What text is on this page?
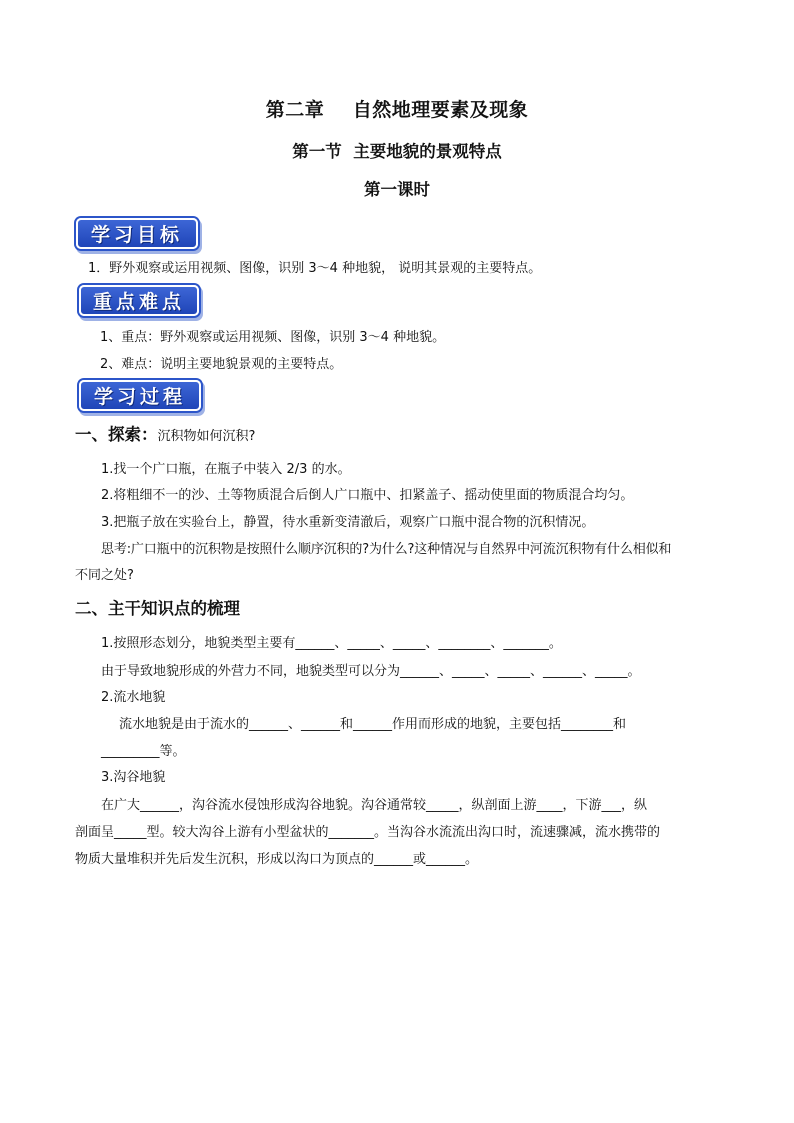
第二章    自然地理要素及现象
第一节  主要地貌的景观特点
第一课时
学习目标
1．野外观察或运用视频、图像，识别 3～4 种地貌， 说明其景观的主要特点。
重点难点
1、重点：野外观察或运用视频、图像，识别 3～4 种地貌。
2、难点：说明主要地貌景观的主要特点。
学习过程
一、探索：沉积物如何沉积?
1.找一个广口瓶，在瓶子中装入 2/3 的水。
2.将粗细不一的沙、土等物质混合后倒人广口瓶中、扣紧盖子、摇动使里面的物质混合均匀。
3.把瓶子放在实验台上，静置，待水重新变清澈后，观察广口瓶中混合物的沉积情况。
思考:广口瓶中的沉积物是按照什么顺序沉积的?为什么?这种情况与自然界中河流沉积物有什么相似和
不同之处?
二、主干知识点的梳理
1.按照形态划分，地貌类型主要有______、_____、_____、________、_______。
由于导致地貌形成的外营力不同，地貌类型可以分为______、_____、_____、______、_____。
2.流水地貌
流水地貌是由于流水的______、______和______作用而形成的地貌，主要包括________和
_________等。
3.沟谷地貌
在广大______，沟谷流水侵蚀形成沟谷地貌。沟谷通常较_____，纵剖面上游____，下游___，纵
剖面呈_____型。较大沟谷上游有小型盆状的_______。当沟谷水流流出沟口时，流速骤减，流水携带的
物质大量堆积并先后发生沉积，形成以沟口为顶点的______或______。
